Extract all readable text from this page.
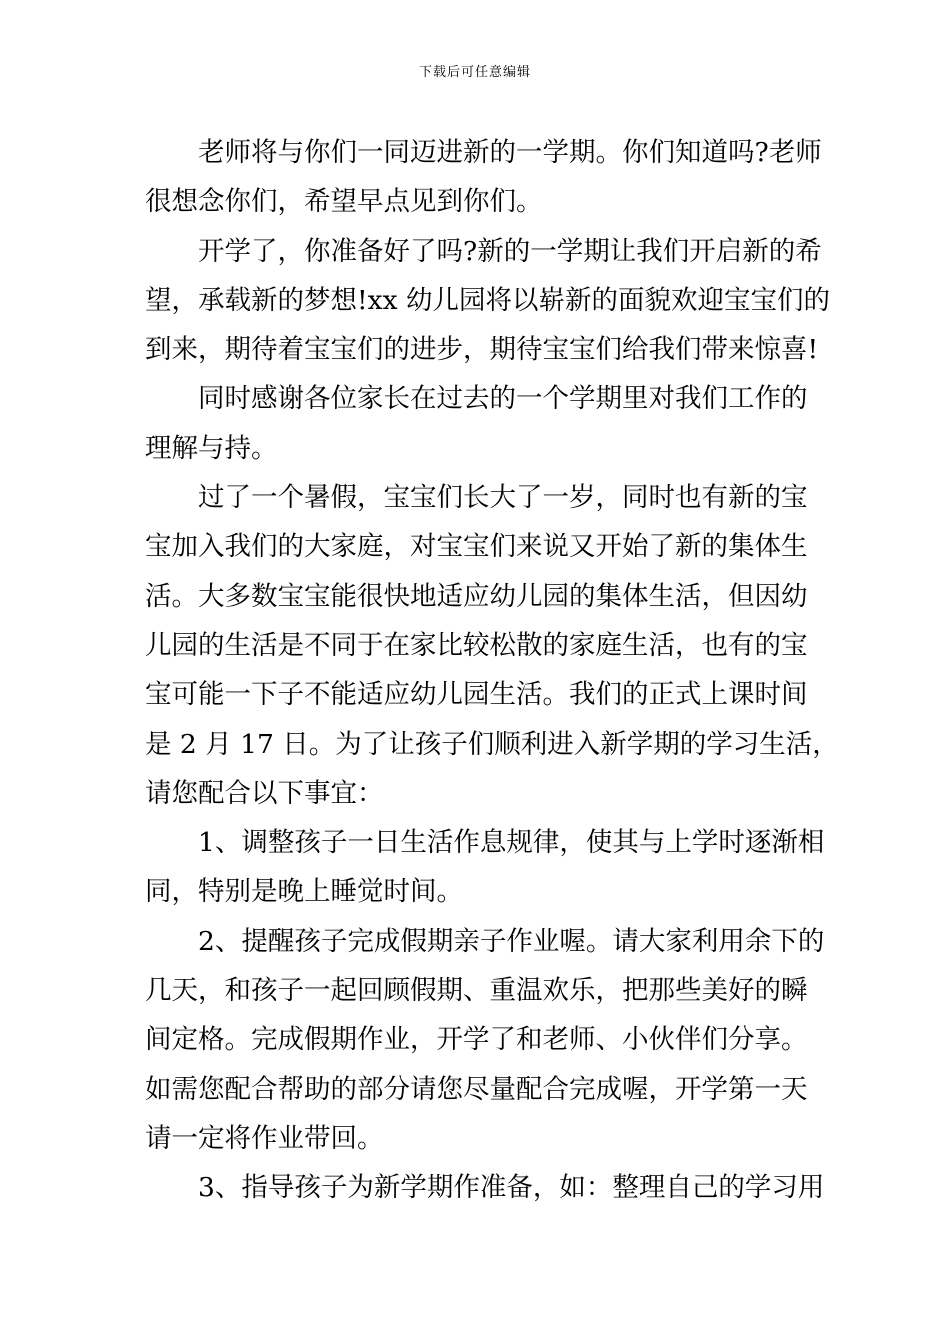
下载后可任意编辑
老师将与你们一同迈进新的一学期。你们知道吗?老师
很想念你们，希望早点见到你们。
开学了，你准备好了吗?新的一学期让我们开启新的希
望，承载新的梦想!xx 幼儿园将以崭新的面貌欢迎宝宝们的
到来，期待着宝宝们的进步，期待宝宝们给我们带来惊喜!
同时感谢各位家长在过去的一个学期里对我们工作的
理解与持。
过了一个暑假，宝宝们长大了一岁，同时也有新的宝
宝加入我们的大家庭，对宝宝们来说又开始了新的集体生
活。大多数宝宝能很快地适应幼儿园的集体生活，但因幼
儿园的生活是不同于在家比较松散的家庭生活，也有的宝
宝可能一下子不能适应幼儿园生活。我们的正式上课时间
是 2 月 17 日。为了让孩子们顺利进入新学期的学习生活，
请您配合以下事宜：
1、调整孩子一日生活作息规律，使其与上学时逐渐相
同，特别是晚上睡觉时间。
2、提醒孩子完成假期亲子作业喔。请大家利用余下的
几天，和孩子一起回顾假期、重温欢乐，把那些美好的瞬
间定格。完成假期作业，开学了和老师、小伙伴们分享。
如需您配合帮助的部分请您尽量配合完成喔，开学第一天
请一定将作业带回。
3、指导孩子为新学期作准备，如：整理自己的学习用
